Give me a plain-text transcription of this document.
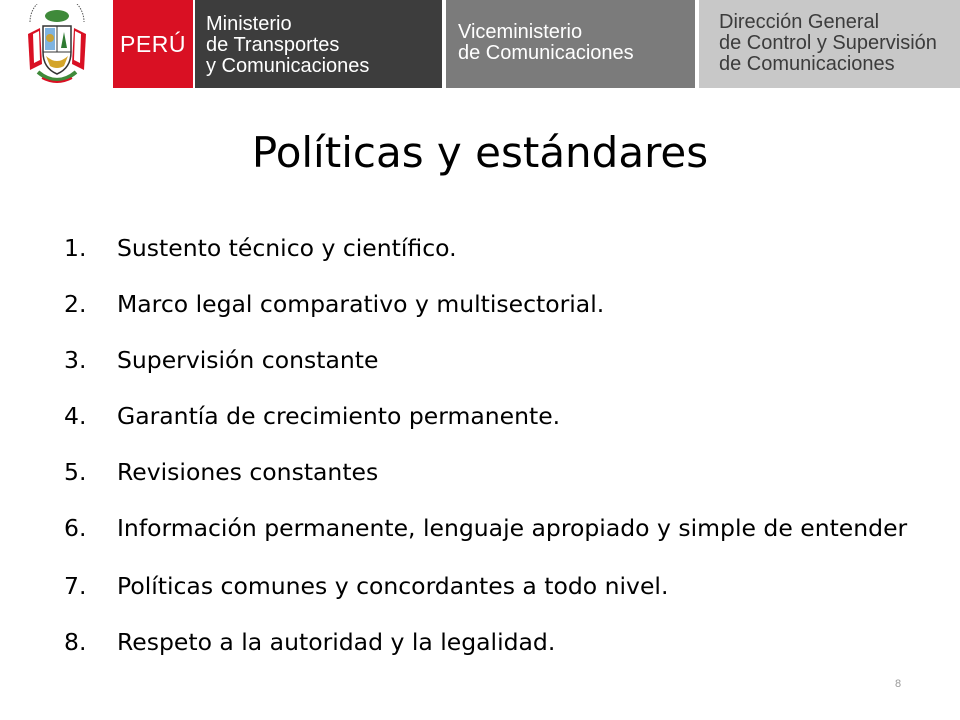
PERÚ
Ministerio
de Transportes
y Comunicaciones
Viceministerio
de Comunicaciones
Dirección General
de Control y Supervisión
de Comunicaciones
Políticas y estándares
1. Sustento técnico y científico.
2. Marco legal comparativo y multisectorial.
3. Supervisión constante
4. Garantía de crecimiento permanente.
5. Revisiones constantes
6. Información permanente, lenguaje apropiado y simple de entender
7. Políticas comunes y concordantes a todo nivel.
8. Respeto a la autoridad y la legalidad.
8
